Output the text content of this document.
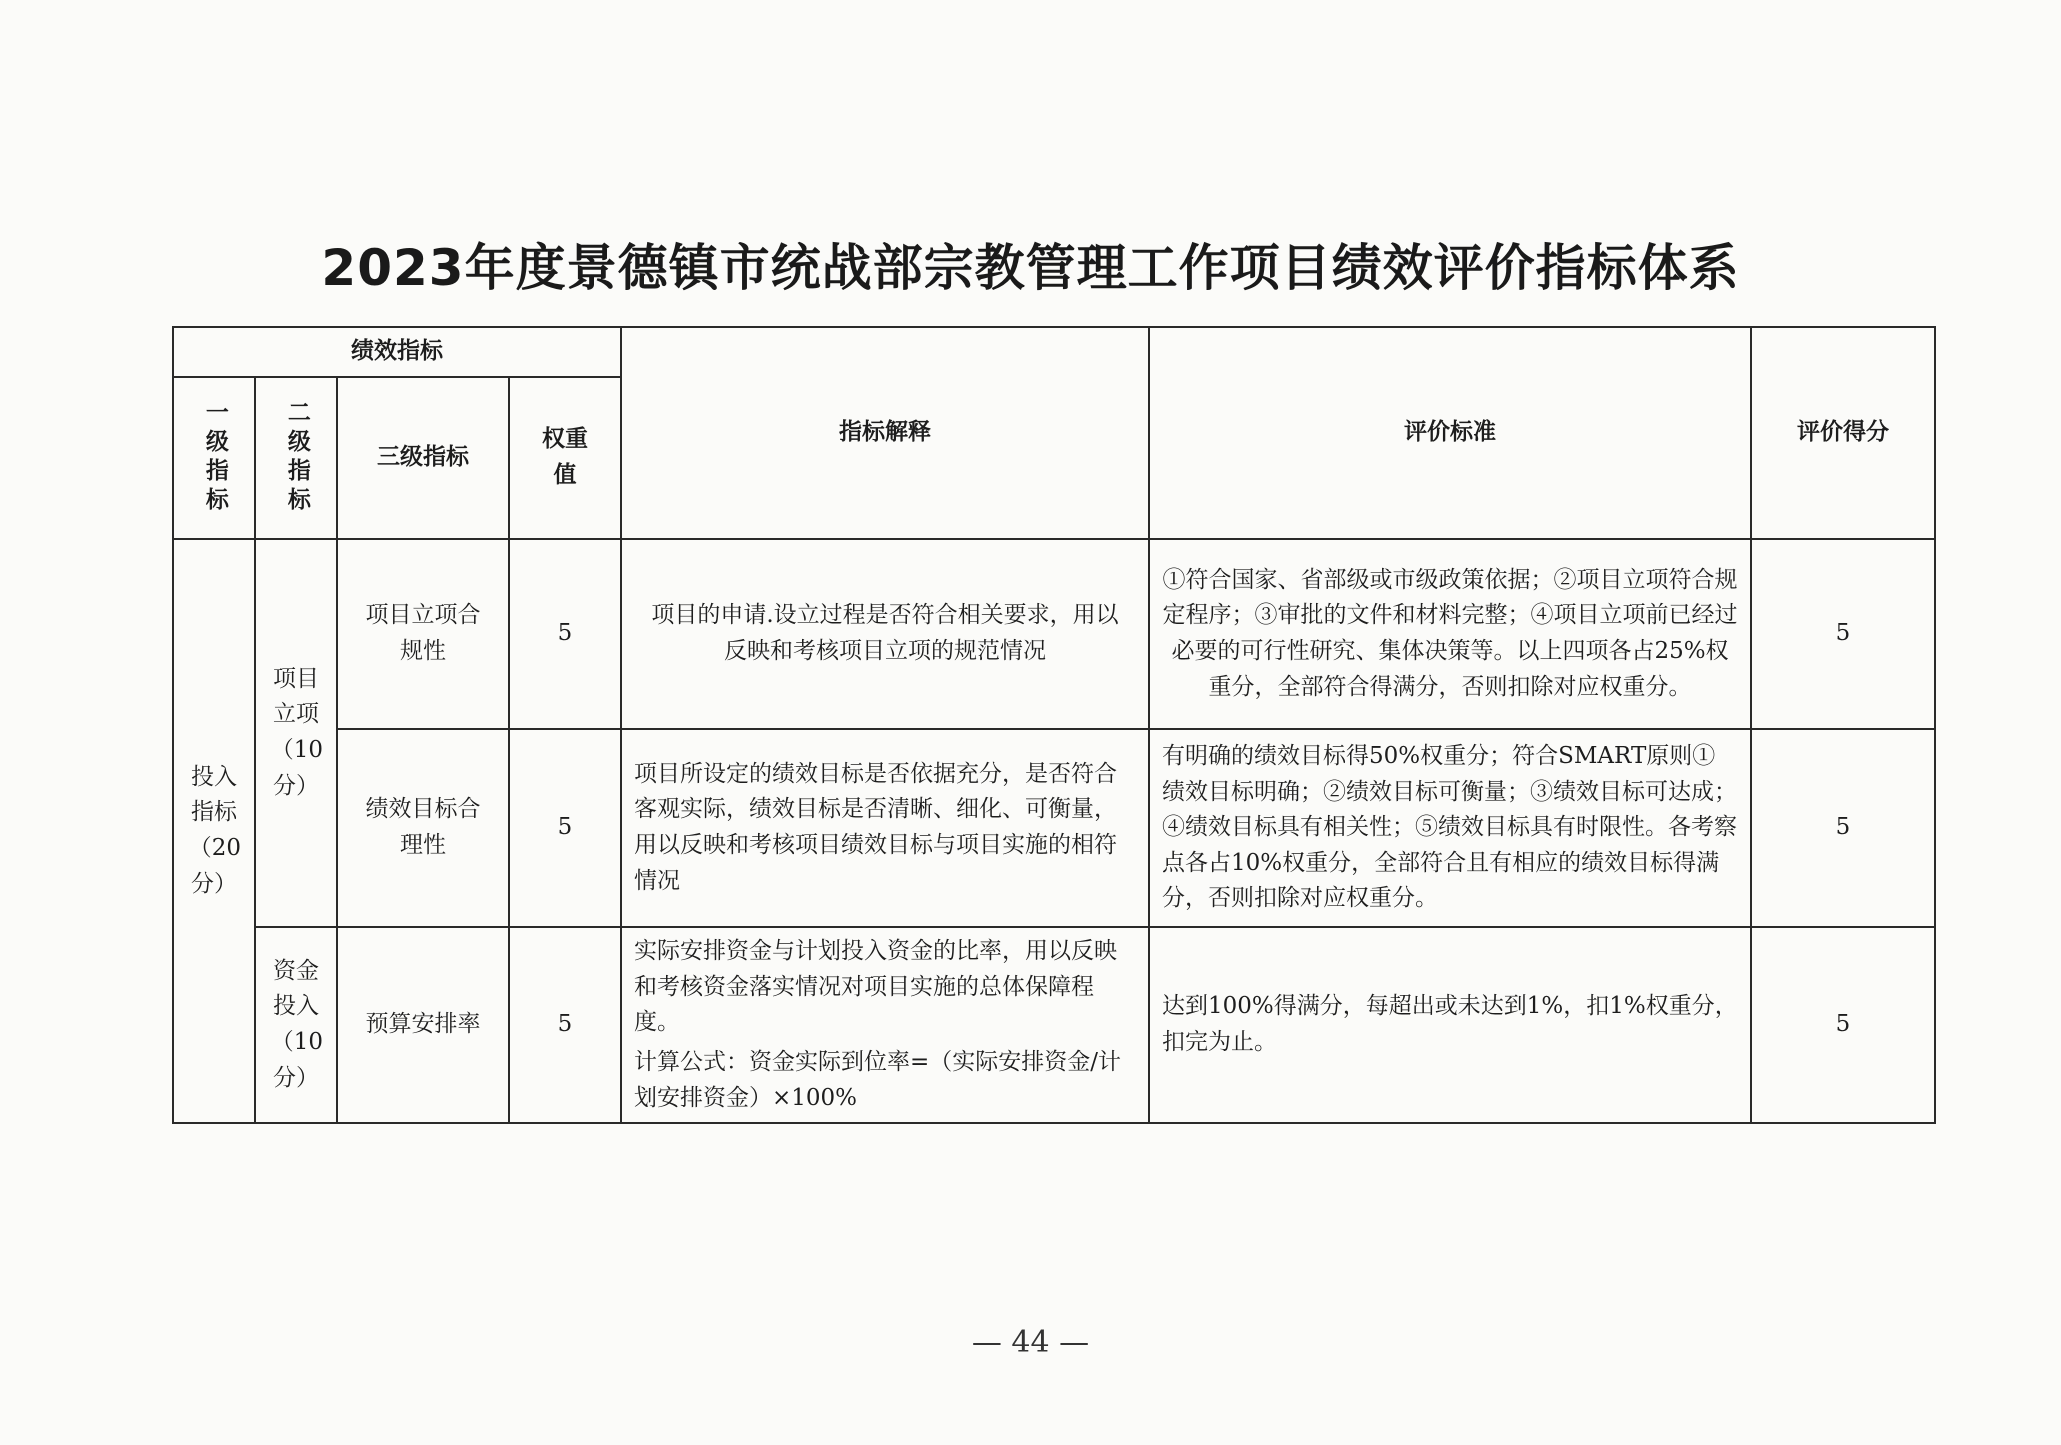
2023年度景德镇市统战部宗教管理工作项目绩效评价指标体系
绩效指标				指标解释	评价标准	评价得分

一级指标	二级指标	三级指标	权重值			
投入指标（20分）	项目立项（10分）	项目立项合规性	5	项目的申请.设立过程是否符合相关要求，用以反映和考核项目立项的规范情况	①符合国家、省部级或市级政策依据；②项目立项符合规定程序；③审批的文件和材料完整；④项目立项前已经过必要的可行性研究、集体决策等。以上四项各占25%权重分，全部符合得满分，否则扣除对应权重分。	5
		绩效目标合理性	5	项目所设定的绩效目标是否依据充分，是否符合客观实际，绩效目标是否清晰、细化、可衡量，用以反映和考核项目绩效目标与项目实施的相符情况	有明确的绩效目标得50%权重分；符合SMART原则①绩效目标明确；②绩效目标可衡量；③绩效目标可达成；④绩效目标具有相关性；⑤绩效目标具有时限性。各考察点各占10%权重分，全部符合且有相应的绩效目标得满分，否则扣除对应权重分。	5
	资金投入（10分）	预算安排率	5	实际安排资金与计划投入资金的比率，用以反映和考核资金落实情况对项目实施的总体保障程度。
计算公式：资金实际到位率=（实际安排资金/计划安排资金）×100%	达到100%得满分，每超出或未达到1%，扣1%权重分，扣完为止。	5
— 44 —
